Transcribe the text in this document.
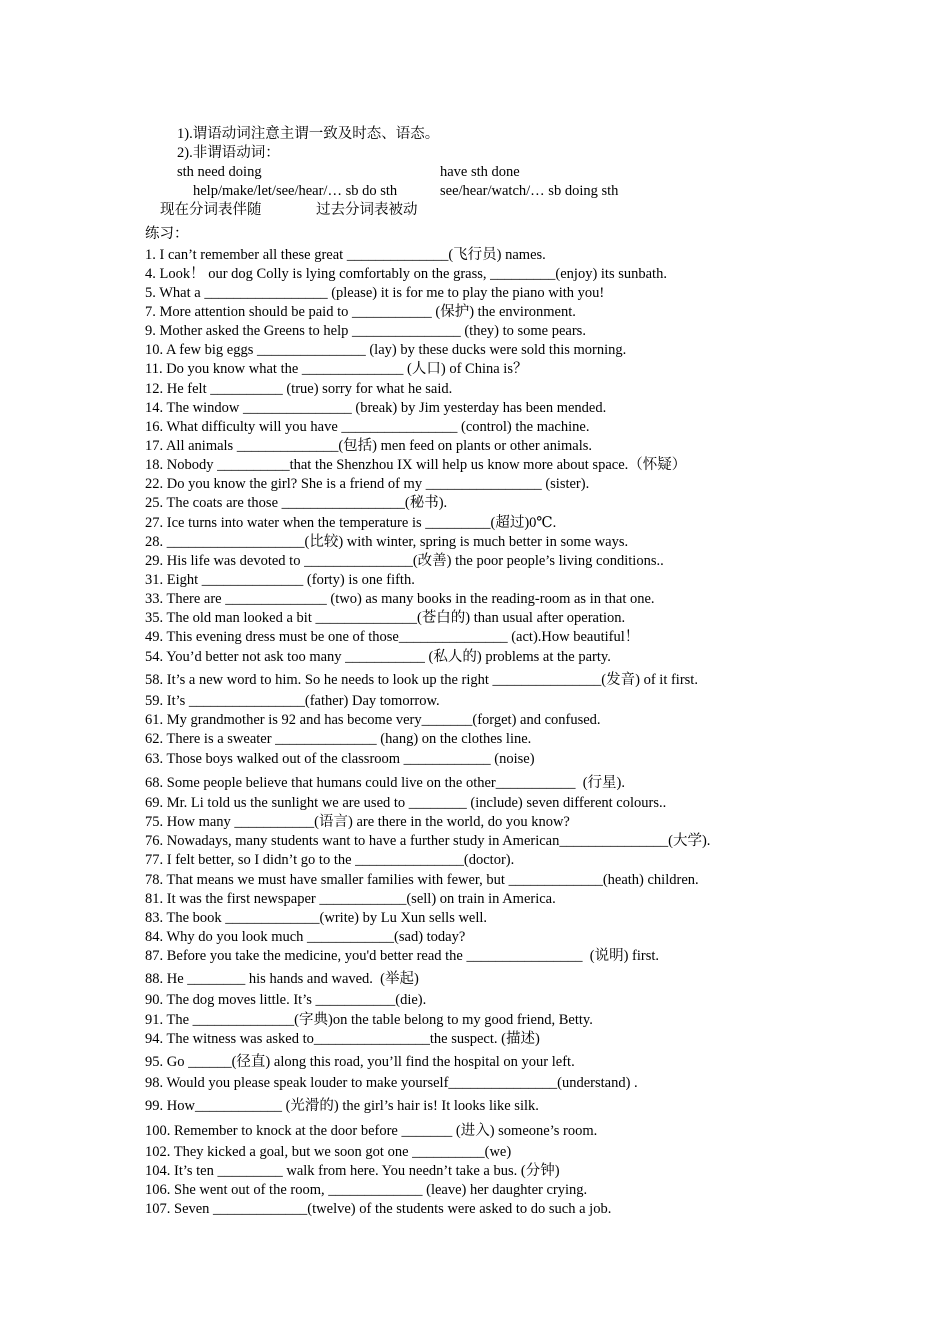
1).谓语动词注意主谓一致及时态、语态。
2).非谓语动词：
sth need doing	have sth done
help/make/let/see/hear/… sb do sth	see/hear/watch/… sb doing sth
现在分词表伴随	过去分词表被动
练习：
1. I can’t remember all these great ______________(飞行员) names.
4. Look！ our dog Colly is lying comfortably on the grass, _________(enjoy) its sunbath.
5. What a _________________ (please) it is for me to play the piano with you!
7. More attention should be paid to ___________ (保护) the environment.
9. Mother asked the Greens to help _______________ (they) to some pears.
10. A few big eggs _______________ (lay) by these ducks were sold this morning.
11. Do you know what the ______________ (人口) of China is？
12. He felt __________ (true) sorry for what he said.
14. The window _______________ (break) by Jim yesterday has been mended.
16. What difficulty will you have ________________ (control) the machine.
17. All animals ______________(包括) men feed on plants or other animals.
18. Nobody __________that the Shenzhou IX will help us know more about space.（怀疑）
22. Do you know the girl? She is a friend of my ________________ (sister).
25. The coats are those _________________(秘书).
27. Ice turns into water when the temperature is _________(超过)0℃.
28. ___________________(比较) with winter, spring is much better in some ways.
29. His life was devoted to _______________(改善) the poor people’s living conditions..
31. Eight ______________ (forty) is one fifth.
33. There are ______________ (two) as many books in the reading-room as in that one.
35. The old man looked a bit ______________(苍白的) than usual after operation.
49. This evening dress must be one of those_______________ (act).How beautiful！
54. You’d better not ask too many ___________ (私人的) problems at the party.
58. It’s a new word to him. So he needs to look up the right _______________(发音) of it first.
59. It’s ________________(father) Day tomorrow.
61. My grandmother is 92 and has become very_______(forget) and confused.
62. There is a sweater ______________ (hang) on the clothes line.
63. Those boys walked out of the classroom ____________ (noise)
68. Some people believe that humans could live on the other___________  (行星).
69. Mr. Li told us the sunlight we are used to ________ (include) seven different colours..
75. How many ___________(语言) are there in the world, do you know?
76. Nowadays, many students want to have a further study in American_______________(大学).
77. I felt better, so I didn’t go to the _______________(doctor).
78. That means we must have smaller families with fewer, but _____________(heath) children.
81. It was the first newspaper ____________(sell) on train in America.
83. The book _____________(write) by Lu Xun sells well.
84. Why do you look much ____________(sad) today?
87. Before you take the medicine, you'd better read the ________________  (说明) first.
88. He ________ his hands and waved.  (举起)
90. The dog moves little. It’s ___________(die).
91. The ______________(字典)on the table belong to my good friend, Betty.
94. The witness was asked to________________the suspect. (描述)
95. Go ______(径直) along this road, you’ll find the hospital on your left.
98. Would you please speak louder to make yourself_______________(understand) .
99. How____________ (光滑的) the girl’s hair is! It looks like silk.
100. Remember to knock at the door before _______ (进入) someone’s room.
102. They kicked a goal, but we soon got one __________(we)
104. It’s ten _________ walk from here. You needn’t take a bus. (分钟)
106. She went out of the room, _____________ (leave) her daughter crying.
107. Seven _____________(twelve) of the students were asked to do such a job.
